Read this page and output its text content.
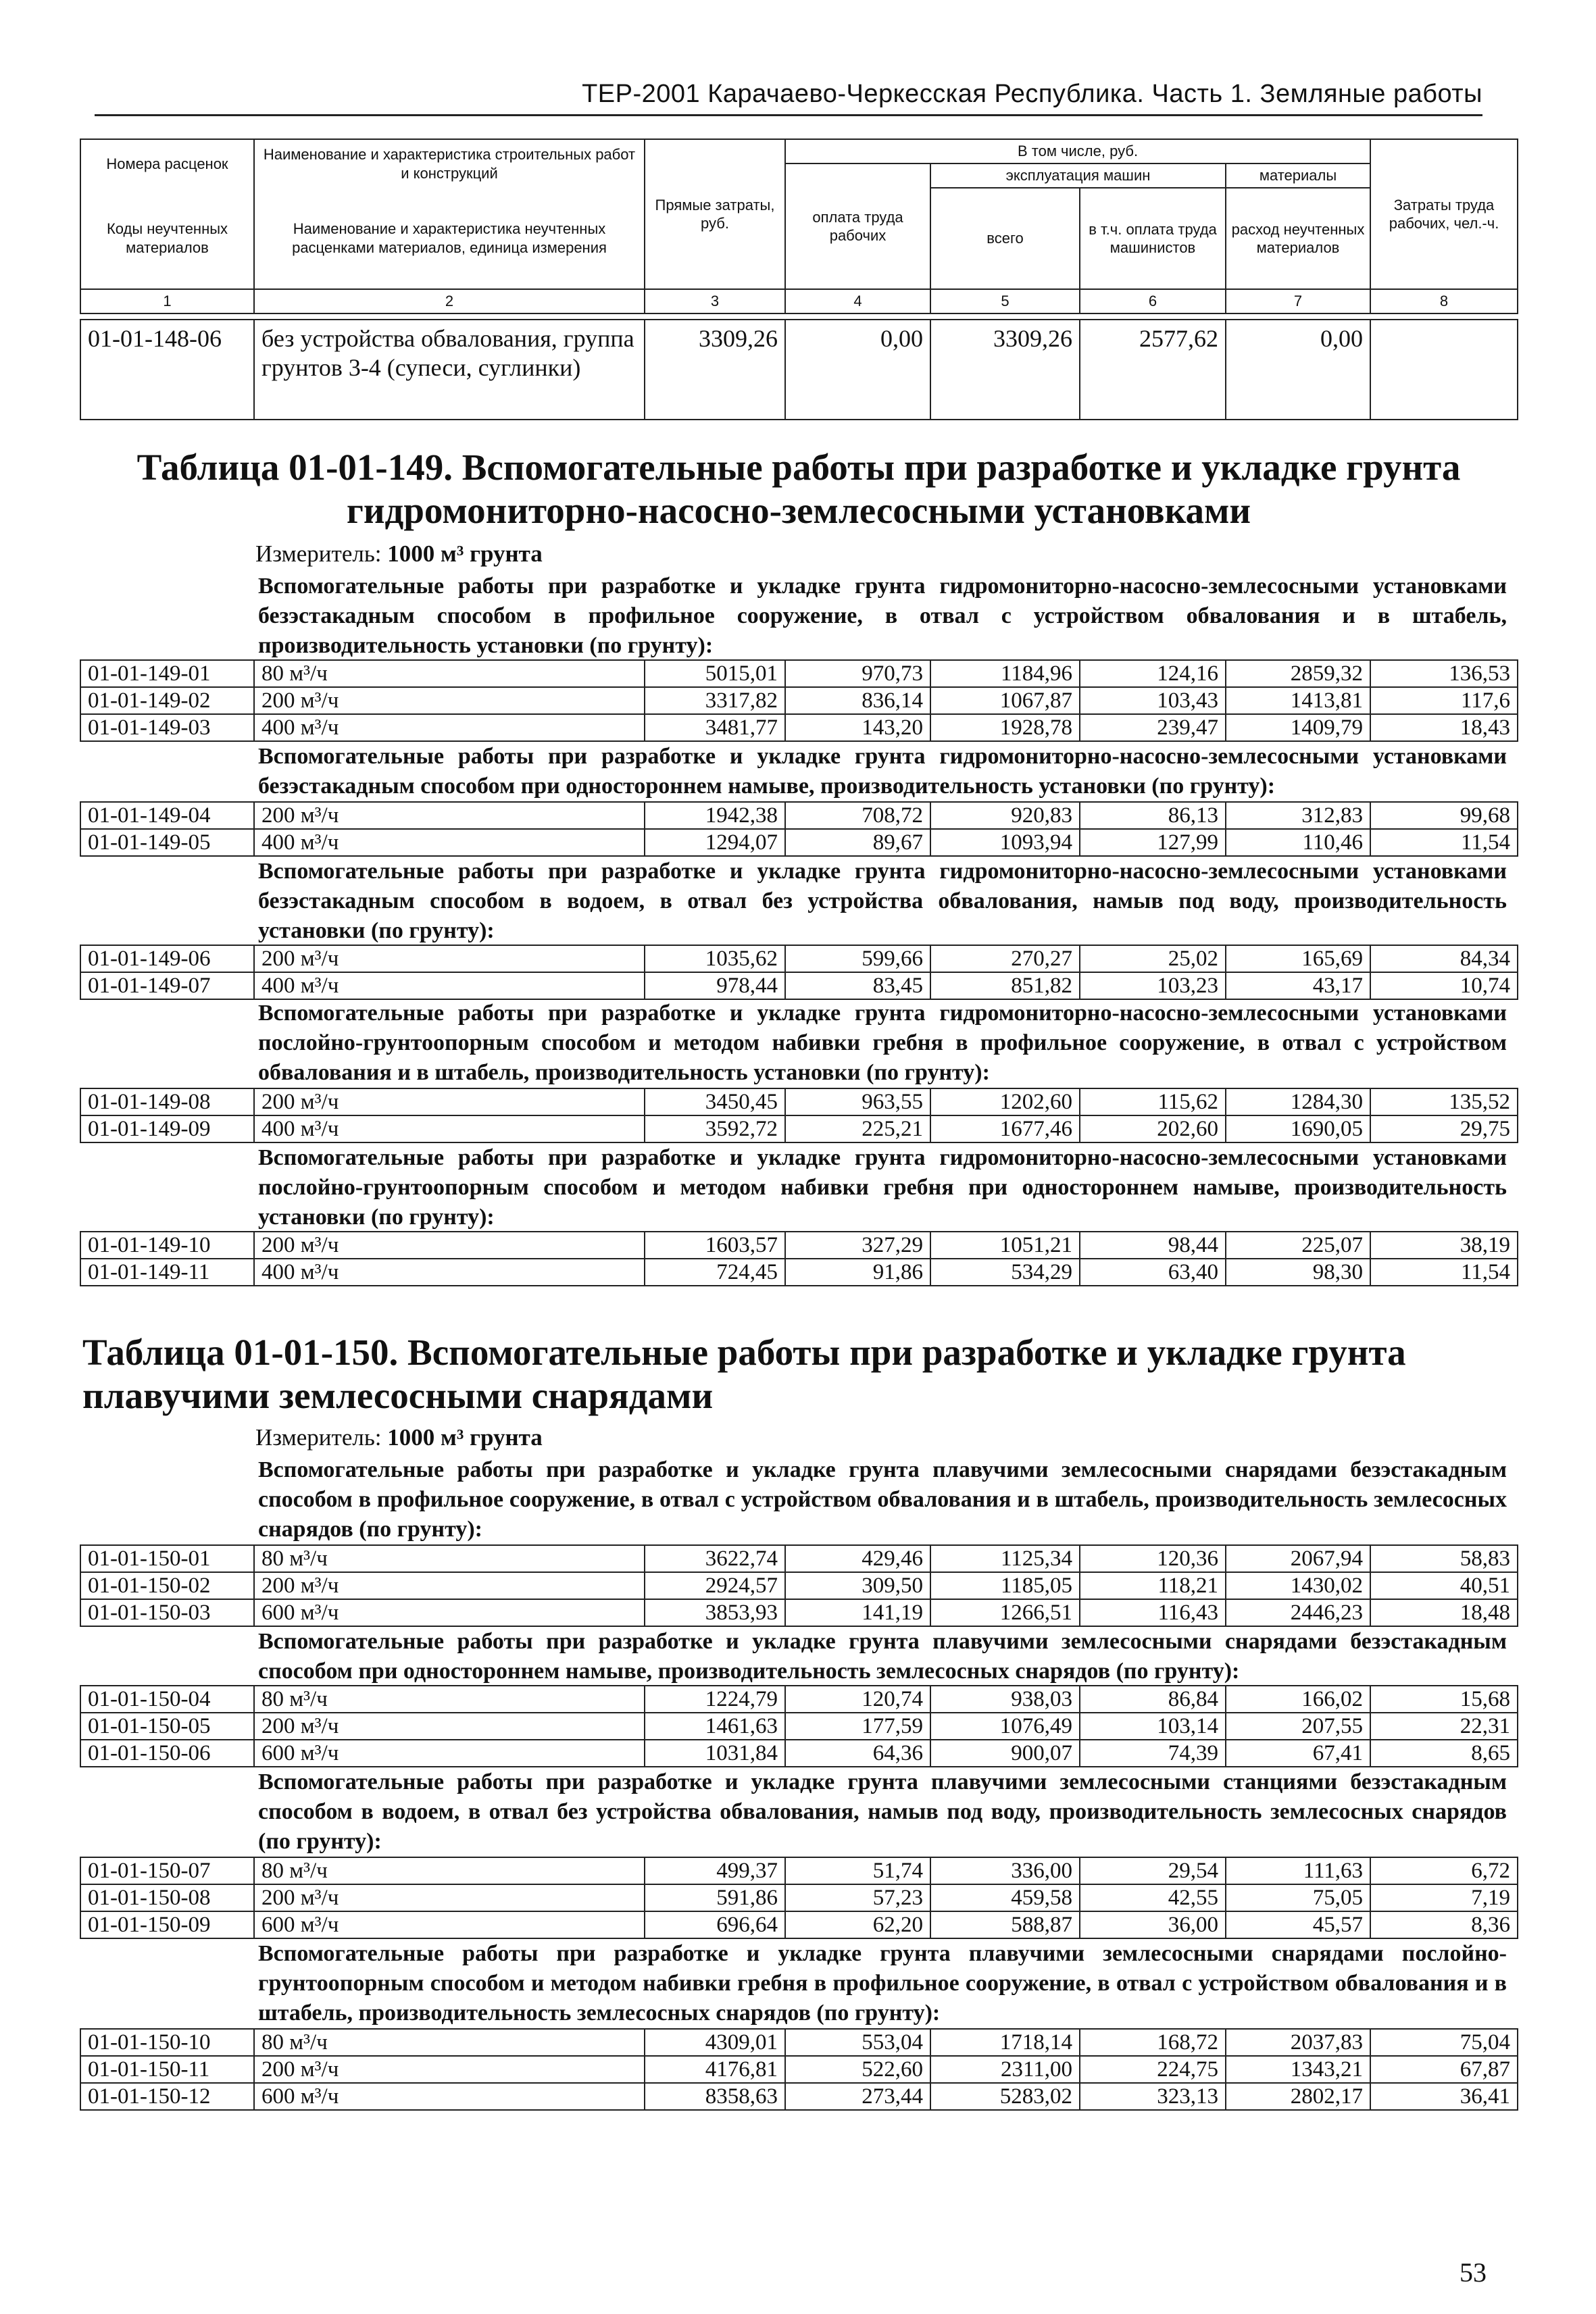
ТЕР-2001 Карачаево-Черкесская Республика. Часть 1. Земляные работы
Номера расценок	Наименование и характеристика строительных работ и конструкций	Прямые затраты, руб.	В том числе, руб.				Затраты труда рабочих, чел.-ч.
			оплата труда рабочих	эксплуатация машин		материалы	
Коды неучтенных материалов	Наименование и характеристика неучтенных расценками материалов, единица измерения			всего	в т.ч. оплата труда машинистов	расход неучтенных материалов	
1	2	3	4	5	6	7	8
01-01-148-06	без устройства обвалования, группа грунтов 3-4 (супеси, суглинки)	3309,26	0,00	3309,26	2577,62	0,00	
Таблица 01-01-149. Вспомогательные работы при разработке и укладке грунта гидромониторно-насосно-землесосными установками
Измеритель: 1000 м³ грунта
Вспомогательные работы при разработке и укладке грунта гидромониторно-насосно-землесосными установками безэстакадным способом в профильное сооружение, в отвал с устройством обвалования и в штабель, производительность установки (по грунту):
01-01-149-01	80 м³/ч	5015,01	970,73	1184,96	124,16	2859,32	136,53
01-01-149-02	200 м³/ч	3317,82	836,14	1067,87	103,43	1413,81	117,6
01-01-149-03	400 м³/ч	3481,77	143,20	1928,78	239,47	1409,79	18,43
Вспомогательные работы при разработке и укладке грунта гидромониторно-насосно-землесосными установками безэстакадным способом при одностороннем намыве, производительность установки (по грунту):
01-01-149-04	200 м³/ч	1942,38	708,72	920,83	86,13	312,83	99,68
01-01-149-05	400 м³/ч	1294,07	89,67	1093,94	127,99	110,46	11,54
Вспомогательные работы при разработке и укладке грунта гидромониторно-насосно-землесосными установками безэстакадным способом в водоем, в отвал без устройства обвалования, намыв под воду, производительность установки (по грунту):
01-01-149-06	200 м³/ч	1035,62	599,66	270,27	25,02	165,69	84,34
01-01-149-07	400 м³/ч	978,44	83,45	851,82	103,23	43,17	10,74
Вспомогательные работы при разработке и укладке грунта гидромониторно-насосно-землесосными установками послойно-грунтоопорным способом и методом набивки гребня в профильное сооружение, в отвал с устройством обвалования и в штабель, производительность установки (по грунту):
01-01-149-08	200 м³/ч	3450,45	963,55	1202,60	115,62	1284,30	135,52
01-01-149-09	400 м³/ч	3592,72	225,21	1677,46	202,60	1690,05	29,75
Вспомогательные работы при разработке и укладке грунта гидромониторно-насосно-землесосными установками послойно-грунтоопорным способом и методом набивки гребня при одностороннем намыве, производительность установки (по грунту):
01-01-149-10	200 м³/ч	1603,57	327,29	1051,21	98,44	225,07	38,19
01-01-149-11	400 м³/ч	724,45	91,86	534,29	63,40	98,30	11,54
Таблица 01-01-150. Вспомогательные работы при разработке и укладке грунта плавучими землесосными снарядами
Измеритель: 1000 м³ грунта
Вспомогательные работы при разработке и укладке грунта плавучими землесосными снарядами безэстакадным способом в профильное сооружение, в отвал с устройством обвалования и в штабель, производительность землесосных снарядов (по грунту):
01-01-150-01	80 м³/ч	3622,74	429,46	1125,34	120,36	2067,94	58,83
01-01-150-02	200 м³/ч	2924,57	309,50	1185,05	118,21	1430,02	40,51
01-01-150-03	600 м³/ч	3853,93	141,19	1266,51	116,43	2446,23	18,48
Вспомогательные работы при разработке и укладке грунта плавучими землесосными снарядами безэстакадным способом при одностороннем намыве, производительность землесосных снарядов (по грунту):
01-01-150-04	80 м³/ч	1224,79	120,74	938,03	86,84	166,02	15,68
01-01-150-05	200 м³/ч	1461,63	177,59	1076,49	103,14	207,55	22,31
01-01-150-06	600 м³/ч	1031,84	64,36	900,07	74,39	67,41	8,65
Вспомогательные работы при разработке и укладке грунта плавучими землесосными станциями безэстакадным способом в водоем, в отвал без устройства обвалования, намыв под воду, производительность землесосных снарядов (по грунту):
01-01-150-07	80 м³/ч	499,37	51,74	336,00	29,54	111,63	6,72
01-01-150-08	200 м³/ч	591,86	57,23	459,58	42,55	75,05	7,19
01-01-150-09	600 м³/ч	696,64	62,20	588,87	36,00	45,57	8,36
Вспомогательные работы при разработке и укладке грунта плавучими землесосными снарядами послойно-грунтоопорным способом и методом набивки гребня в профильное сооружение, в отвал с устройством обвалования и в штабель, производительность землесосных снарядов (по грунту):
01-01-150-10	80 м³/ч	4309,01	553,04	1718,14	168,72	2037,83	75,04
01-01-150-11	200 м³/ч	4176,81	522,60	2311,00	224,75	1343,21	67,87
01-01-150-12	600 м³/ч	8358,63	273,44	5283,02	323,13	2802,17	36,41
53
